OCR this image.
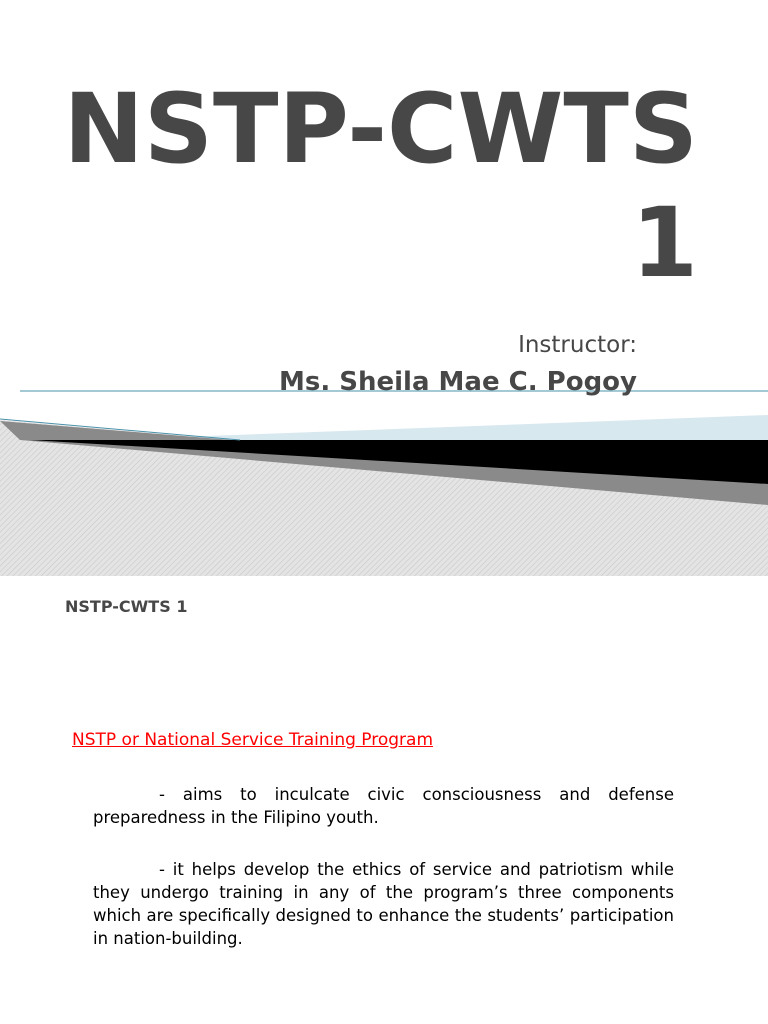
NSTP-CWTS
1

Instructor:

Ms. Sheila Mae C. Pogoy

NSTP-CWTS 1

NSTP or National Service Training Program

- aims to inculcate civic consciousness and defense preparedness in the Filipino youth.

- it helps develop the ethics of service and patriotism while they undergo training in any of the program’s three components which are specifically designed to enhance the students’ participation in nation-building.
